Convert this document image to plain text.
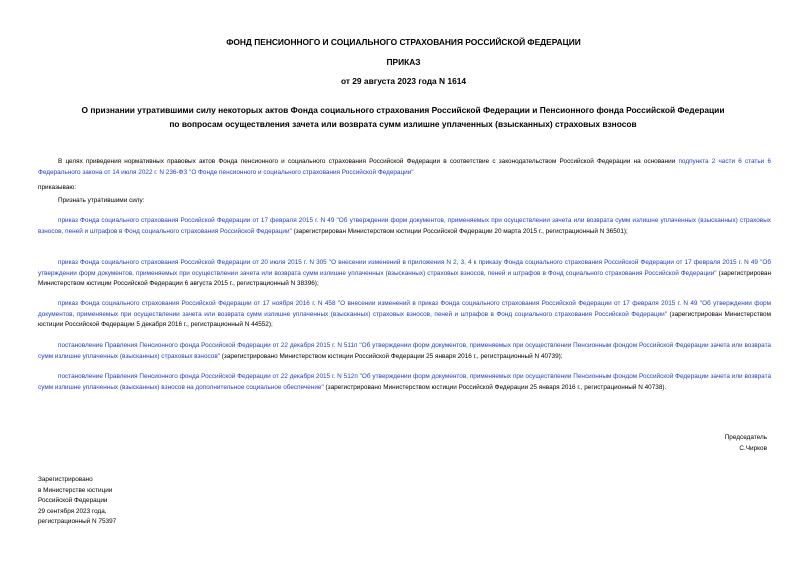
ФОНД ПЕНСИОННОГО И СОЦИАЛЬНОГО СТРАХОВАНИЯ РОССИЙСКОЙ ФЕДЕРАЦИИ
ПРИКАЗ
от 29 августа 2023 года N 1614
О признании утратившими силу некоторых актов Фонда социального страхования Российской Федерации и Пенсионного фонда Российской Федерации по вопросам осуществления зачета или возврата сумм излишне уплаченных (взысканных) страховых взносов
В целях приведения нормативных правовых актов Фонда пенсионного и социального страхования Российской Федерации в соответствие с законодательством Российской Федерации на основании подпункта 2 части 6 статьи 6 Федерального закона от 14 июля 2022 г. N 236-ФЗ "О Фонде пенсионного и социального страхования Российской Федерации"
приказываю:
Признать утратившими силу:
приказ Фонда социального страхования Российской Федерации от 17 февраля 2015 г. N 49 "Об утверждении форм документов, применяемых при осуществлении зачета или возврата сумм излишне уплаченных (взысканных) страховых взносов, пеней и штрафов в Фонд социального страхования Российской Федерации" (зарегистрирован Министерством юстиции Российской Федерации 20 марта 2015 г., регистрационный N 36501);
приказ Фонда социального страхования Российской Федерации от 20 июля 2015 г. N 305 "О внесении изменений в приложения N 2, 3, 4 к приказу Фонда социального страхования Российской Федерации от 17 февраля 2015 г. N 49 "Об утверждении форм документов, применяемых при осуществлении зачета или возврата сумм излишне уплаченных (взысканных) страховых взносов, пеней и штрафов в Фонд социального страхования Российской Федерации" (зарегистрирован Министерством юстиции Российской Федерации 6 августа 2015 г., регистрационный N 38396);
приказ Фонда социального страхования Российской Федерации от 17 ноября 2016 г. N 458 "О внесении изменений в приказ Фонда социального страхования Российской Федерации от 17 февраля 2015 г. N 49 "Об утверждении форм документов, применяемых при осуществлении зачета или возврата сумм излишне уплаченных (взысканных) страховых взносов, пеней и штрафов в Фонд социального страхования Российской Федерации" (зарегистрирован Министерством юстиции Российской Федерации 5 декабря 2016 г., регистрационный N 44552);
постановление Правления Пенсионного фонда Российской Федерации от 22 декабря 2015 г. N 511п "Об утверждении форм документов, применяемых при осуществлении Пенсионным фондом Российской Федерации зачета или возврата сумм излишне уплаченных (взысканных) страховых взносов" (зарегистрировано Министерством юстиции Российской Федерации 25 января 2016 г., регистрационный N 40739);
постановление Правления Пенсионного фонда Российской Федерации от 22 декабря 2015 г. N 512п "Об утверждении форм документов, применяемых при осуществлении Пенсионным фондом Российской Федерации зачета или возврата сумм излишне уплаченных (взысканных) взносов на дополнительное социальное обеспечение" (зарегистрировано Министерством юстиции Российской Федерации 25 января 2016 г., регистрационный N 40738).
Председатель
С.Чирков
Зарегистрировано
в Министерстве юстиции
Российской Федерации
29 сентября 2023 года,
регистрационный N 75397
